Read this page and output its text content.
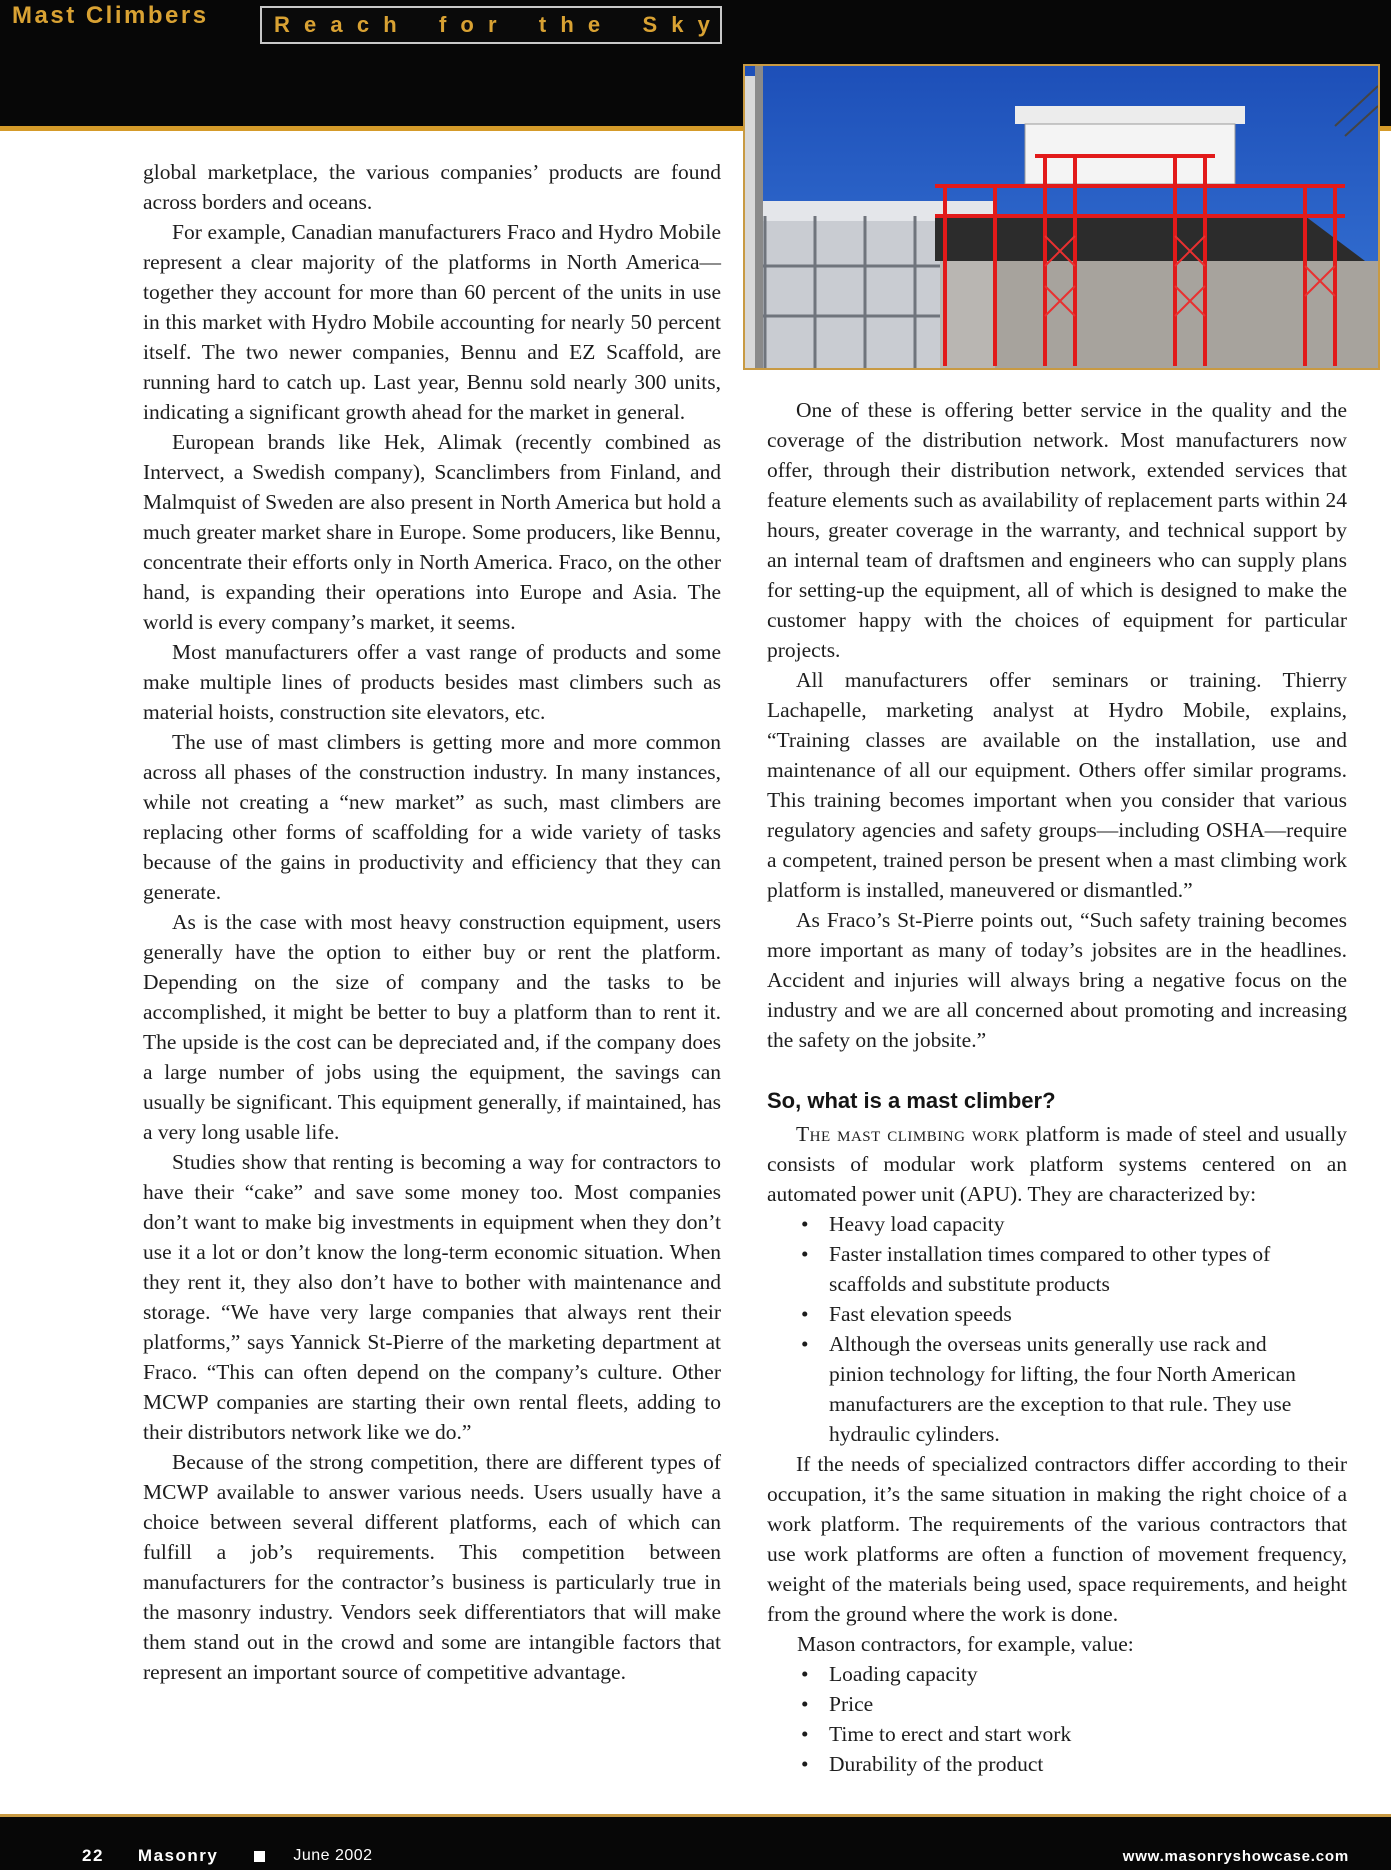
Mast Climbers	R e a c h f o r t h e S k y

global marketplace, the various companies’ products are found across borders and oceans.

For example, Canadian manufacturers Fraco and Hydro Mobile represent a clear majority of the platforms in North America—together they account for more than 60 percent of the units in use in this market with Hydro Mobile accounting for nearly 50 percent itself. The two newer companies, Bennu and EZ Scaffold, are running hard to catch up. Last year, Bennu sold nearly 300 units, indicating a significant growth ahead for the market in general.

European brands like Hek, Alimak (recently combined as Intervect, a Swedish company), Scanclimbers from Finland, and Malmquist of Sweden are also present in North America but hold a much greater market share in Europe. Some producers, like Bennu, concentrate their efforts only in North America. Fraco, on the other hand, is expanding their operations into Europe and Asia. The world is every company’s market, it seems.

Most manufacturers offer a vast range of products and some make multiple lines of products besides mast climbers such as material hoists, construction site elevators, etc.

The use of mast climbers is getting more and more common across all phases of the construction industry. In many instances, while not creating a “new market” as such, mast climbers are replacing other forms of scaffolding for a wide variety of tasks because of the gains in productivity and efficiency that they can generate.

As is the case with most heavy construction equipment, users generally have the option to either buy or rent the platform. Depending on the size of company and the tasks to be accomplished, it might be better to buy a platform than to rent it. The upside is the cost can be depreciated and, if the company does a large number of jobs using the equipment, the savings can usually be significant. This equipment generally, if maintained, has a very long usable life.

Studies show that renting is becoming a way for contractors to have their “cake” and save some money too. Most companies don’t want to make big investments in equipment when they don’t use it a lot or don’t know the long-term economic situation. When they rent it, they also don’t have to bother with maintenance and storage. “We have very large companies that always rent their platforms,” says Yannick St-Pierre of the marketing department at Fraco. “This can often depend on the company’s culture. Other MCWP companies are starting their own rental fleets, adding to their distributors network like we do.”

Because of the strong competition, there are different types of MCWP available to answer various needs. Users usually have a choice between several different platforms, each of which can fulfill a job’s requirements. This competition between manufacturers for the contractor’s business is particularly true in the masonry industry. Vendors seek differentiators that will make them stand out in the crowd and some are intangible factors that represent an important source of competitive advantage.

One of these is offering better service in the quality and the coverage of the distribution network. Most manufacturers now offer, through their distribution network, extended services that feature elements such as availability of replacement parts within 24 hours, greater coverage in the warranty, and technical support by an internal team of draftsmen and engineers who can supply plans for setting-up the equipment, all of which is designed to make the customer happy with the choices of equipment for particular projects.

All manufacturers offer seminars or training. Thierry Lachapelle, marketing analyst at Hydro Mobile, explains, “Training classes are available on the installation, use and maintenance of all our equipment. Others offer similar programs. This training becomes important when you consider that various regulatory agencies and safety groups—including OSHA—require a competent, trained person be present when a mast climbing work platform is installed, maneuvered or dismantled.”

As Fraco’s St-Pierre points out, “Such safety training becomes more important as many of today’s jobsites are in the headlines. Accident and injuries will always bring a negative focus on the industry and we are all concerned about promoting and increasing the safety on the jobsite.”

So, what is a mast climber?

The mast climbing work platform is made of steel and usually consists of modular work platform systems centered on an automated power unit (APU). They are characterized by:

• Heavy load capacity
• Faster installation times compared to other types of scaffolds and substitute products
• Fast elevation speeds
• Although the overseas units generally use rack and pinion technology for lifting, the four North American manufacturers are the exception to that rule. They use hydraulic cylinders.

If the needs of specialized contractors differ according to their occupation, it’s the same situation in making the right choice of a work platform. The requirements of the various contractors that use work platforms are often a function of movement frequency, weight of the materials being used, space requirements, and height from the ground where the work is done.

Mason contractors, for example, value:

• Loading capacity
• Price
• Time to erect and start work
• Durability of the product
22 Masonry	June 2002	www.masonryshowcase.com
